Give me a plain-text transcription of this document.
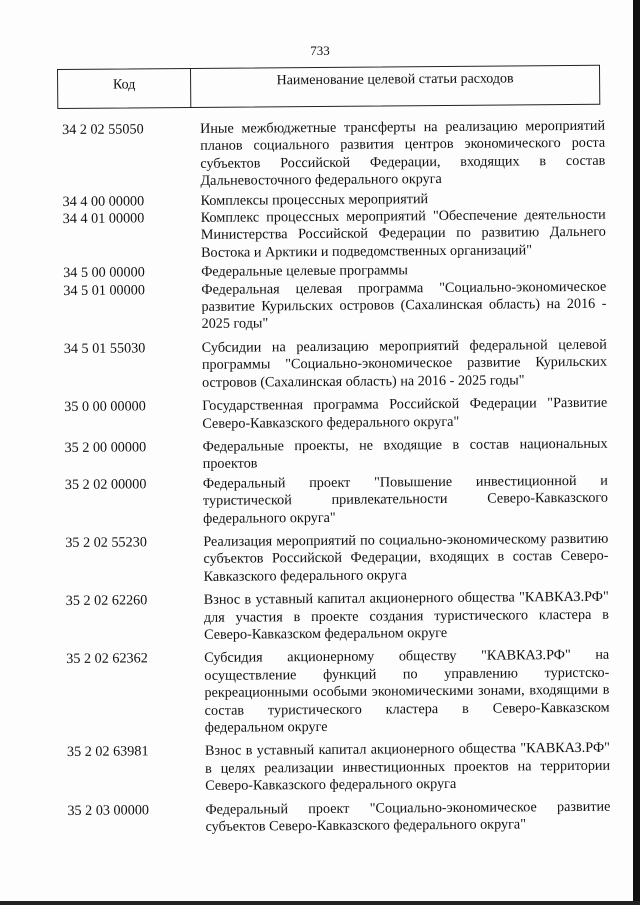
733
Код	Наименование целевой статьи расходов
34 2 02 55050	Иные межбюджетные трансферты на реализацию мероприятий планов социального развития центров экономического роста субъектов Российской Федерации, входящих в состав Дальневосточного федерального округа
34 4 00 00000	Комплексы процессных мероприятий
34 4 01 00000	Комплекс процессных мероприятий "Обеспечение деятельности Министерства Российской Федерации по развитию Дальнего Востока и Арктики и подведомственных организаций"
34 5 00 00000	Федеральные целевые программы
34 5 01 00000	Федеральная целевая программа "Социально-экономическое развитие Курильских островов (Сахалинская область) на 2016 - 2025 годы"
34 5 01 55030	Субсидии на реализацию мероприятий федеральной целевой программы "Социально-экономическое развитие Курильских островов (Сахалинская область) на 2016 - 2025 годы"
35 0 00 00000	Государственная программа Российской Федерации "Развитие Северо-Кавказского федерального округа"
35 2 00 00000	Федеральные проекты, не входящие в состав национальных проектов
35 2 02 00000	Федеральный проект "Повышение инвестиционной и туристической привлекательности Северо-Кавказского федерального округа"
35 2 02 55230	Реализация мероприятий по социально-экономическому развитию субъектов Российской Федерации, входящих в состав Северо-Кавказского федерального округа
35 2 02 62260	Взнос в уставный капитал акционерного общества "КАВКАЗ.РФ" для участия в проекте создания туристического кластера в Северо-Кавказском федеральном округе
35 2 02 62362	Субсидия акционерному обществу "КАВКАЗ.РФ" на осуществление функций по управлению туристско-рекреационными особыми экономическими зонами, входящими в состав туристического кластера в Северо-Кавказском федеральном округе
35 2 02 63981	Взнос в уставный капитал акционерного общества "КАВКАЗ.РФ" в целях реализации инвестиционных проектов на территории Северо-Кавказского федерального округа
35 2 03 00000	Федеральный проект "Социально-экономическое развитие субъектов Северо-Кавказского федерального округа"
